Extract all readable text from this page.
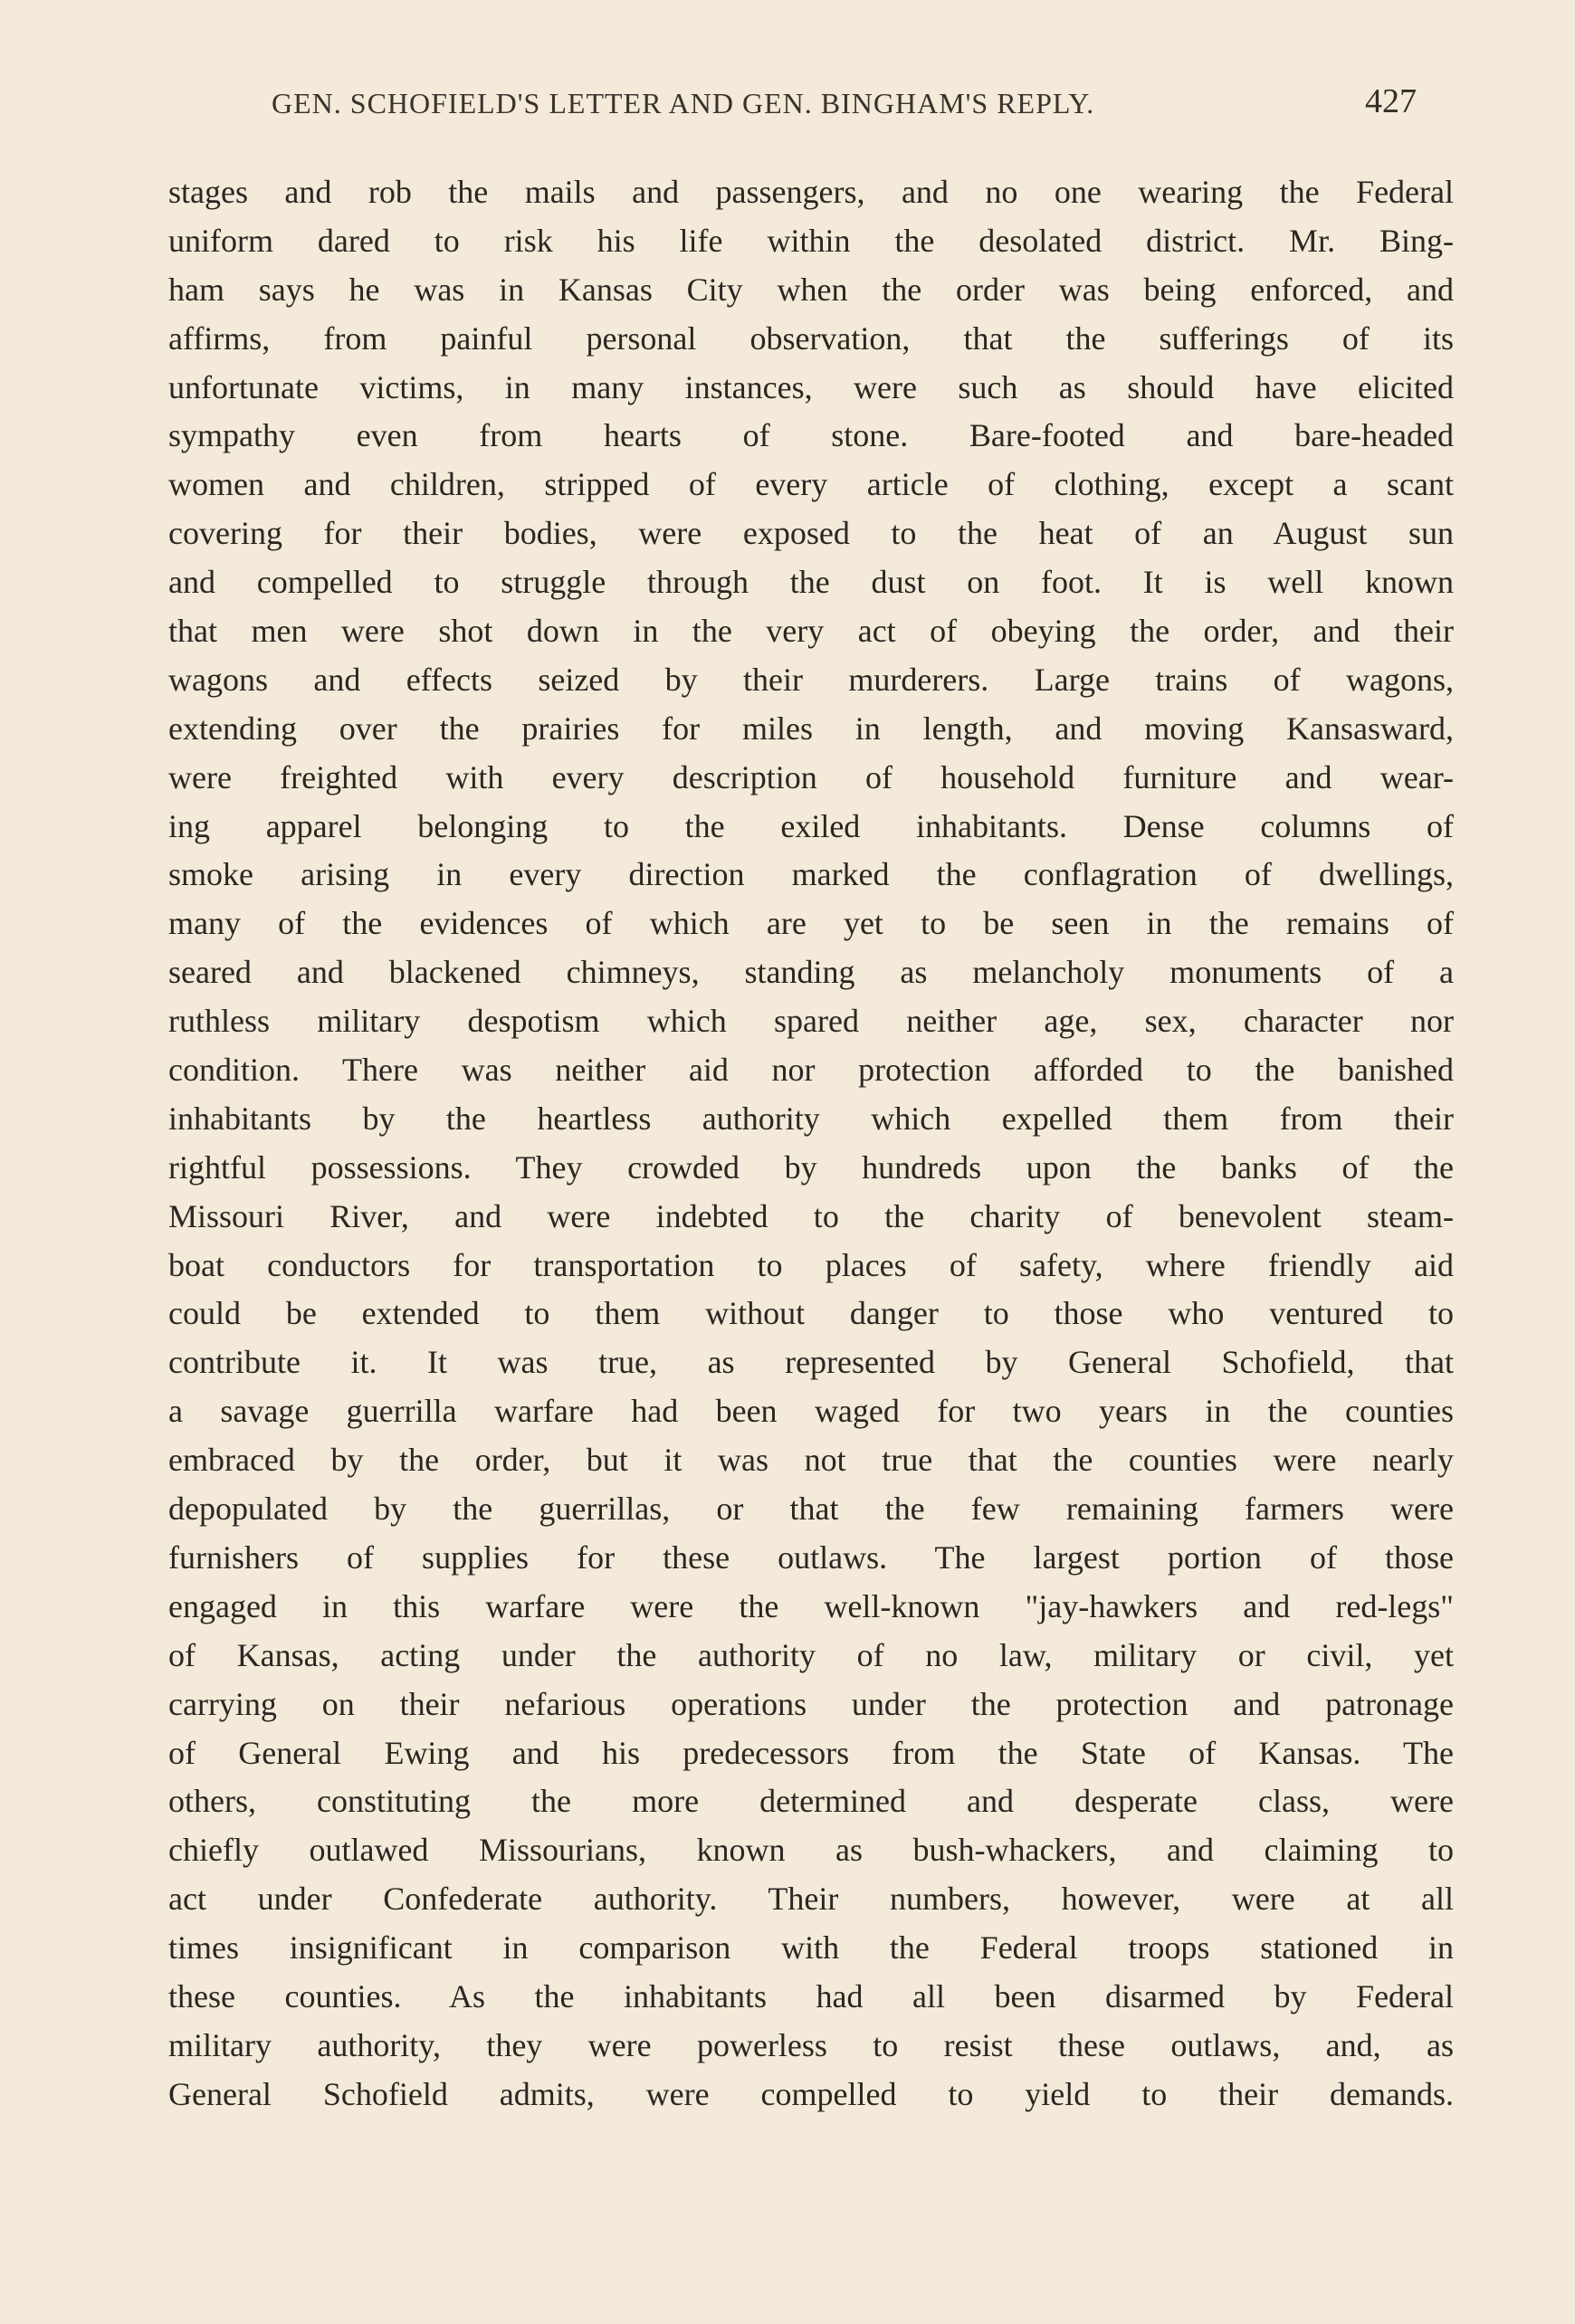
GEN. SCHOFIELD'S LETTER AND GEN. BINGHAM'S REPLY.	427
stages and rob the mails and passengers, and no one wearing the Federal
uniform dared to risk his life within the desolated district. Mr. Bing-
ham says he was in Kansas City when the order was being enforced, and
affirms, from painful personal observation, that the sufferings of its
unfortunate victims, in many instances, were such as should have elicited
sympathy even from hearts of stone. Bare-footed and bare-headed
women and children, stripped of every article of clothing, except a scant
covering for their bodies, were exposed to the heat of an August sun
and compelled to struggle through the dust on foot. It is well known
that men were shot down in the very act of obeying the order, and their
wagons and effects seized by their murderers. Large trains of wagons,
extending over the prairies for miles in length, and moving Kansasward,
were freighted with every description of household furniture and wear-
ing apparel belonging to the exiled inhabitants. Dense columns of
smoke arising in every direction marked the conflagration of dwellings,
many of the evidences of which are yet to be seen in the remains of
seared and blackened chimneys, standing as melancholy monuments of a
ruthless military despotism which spared neither age, sex, character nor
condition. There was neither aid nor protection afforded to the banished
inhabitants by the heartless authority which expelled them from their
rightful possessions. They crowded by hundreds upon the banks of the
Missouri River, and were indebted to the charity of benevolent steam-
boat conductors for transportation to places of safety, where friendly aid
could be extended to them without danger to those who ventured to
contribute it. It was true, as represented by General Schofield, that
a savage guerrilla warfare had been waged for two years in the counties
embraced by the order, but it was not true that the counties were nearly
depopulated by the guerrillas, or that the few remaining farmers were
furnishers of supplies for these outlaws. The largest portion of those
engaged in this warfare were the well-known "jay-hawkers and red-legs"
of Kansas, acting under the authority of no law, military or civil, yet
carrying on their nefarious operations under the protection and patronage
of General Ewing and his predecessors from the State of Kansas. The
others, constituting the more determined and desperate class, were
chiefly outlawed Missourians, known as bush-whackers, and claiming to
act under Confederate authority. Their numbers, however, were at all
times insignificant in comparison with the Federal troops stationed in
these counties. As the inhabitants had all been disarmed by Federal
military authority, they were powerless to resist these outlaws, and, as
General Schofield admits, were compelled to yield to their demands.
